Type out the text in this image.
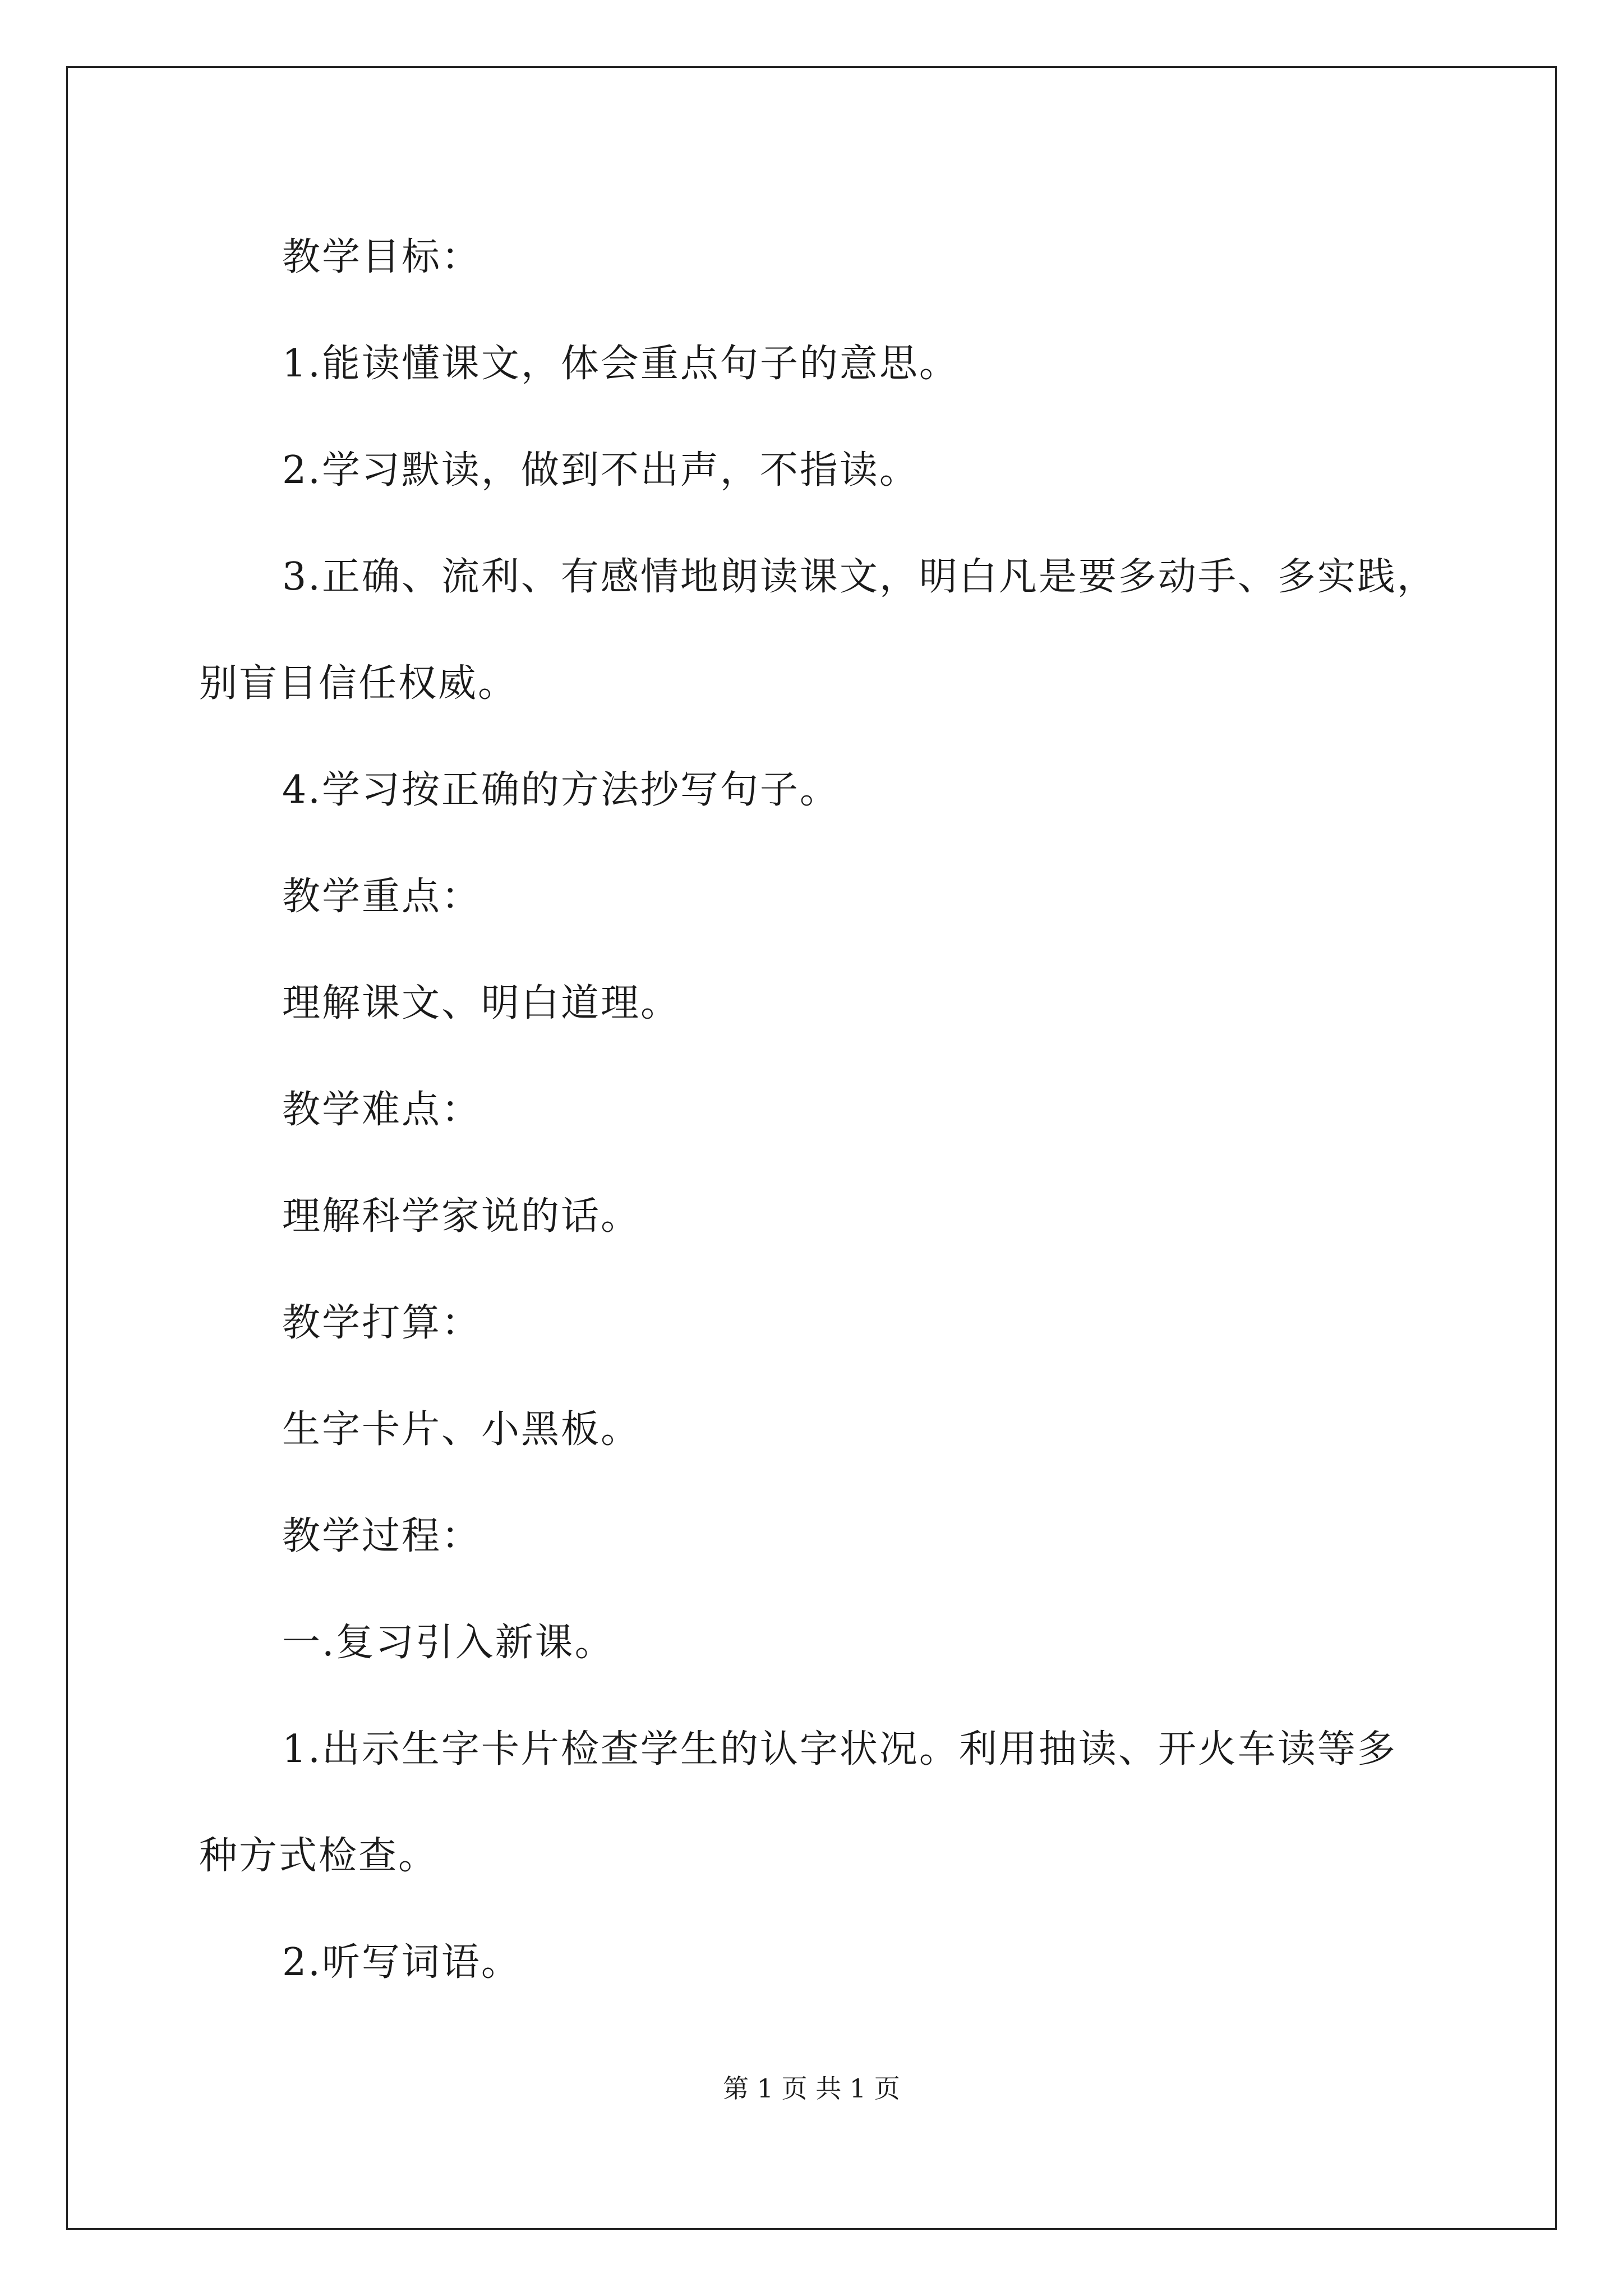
教学目标：
1.能读懂课文，体会重点句子的意思。
2.学习默读，做到不出声，不指读。
3.正确、流利、有感情地朗读课文，明白凡是要多动手、多实践，
别盲目信任权威。
4.学习按正确的方法抄写句子。
教学重点：
理解课文、明白道理。
教学难点：
理解科学家说的话。
教学打算：
生字卡片、小黑板。
教学过程：
一.复习引入新课。
1.出示生字卡片检查学生的认字状况。利用抽读、开火车读等多
种方式检查。
2.听写词语。
第 1 页 共 1 页
